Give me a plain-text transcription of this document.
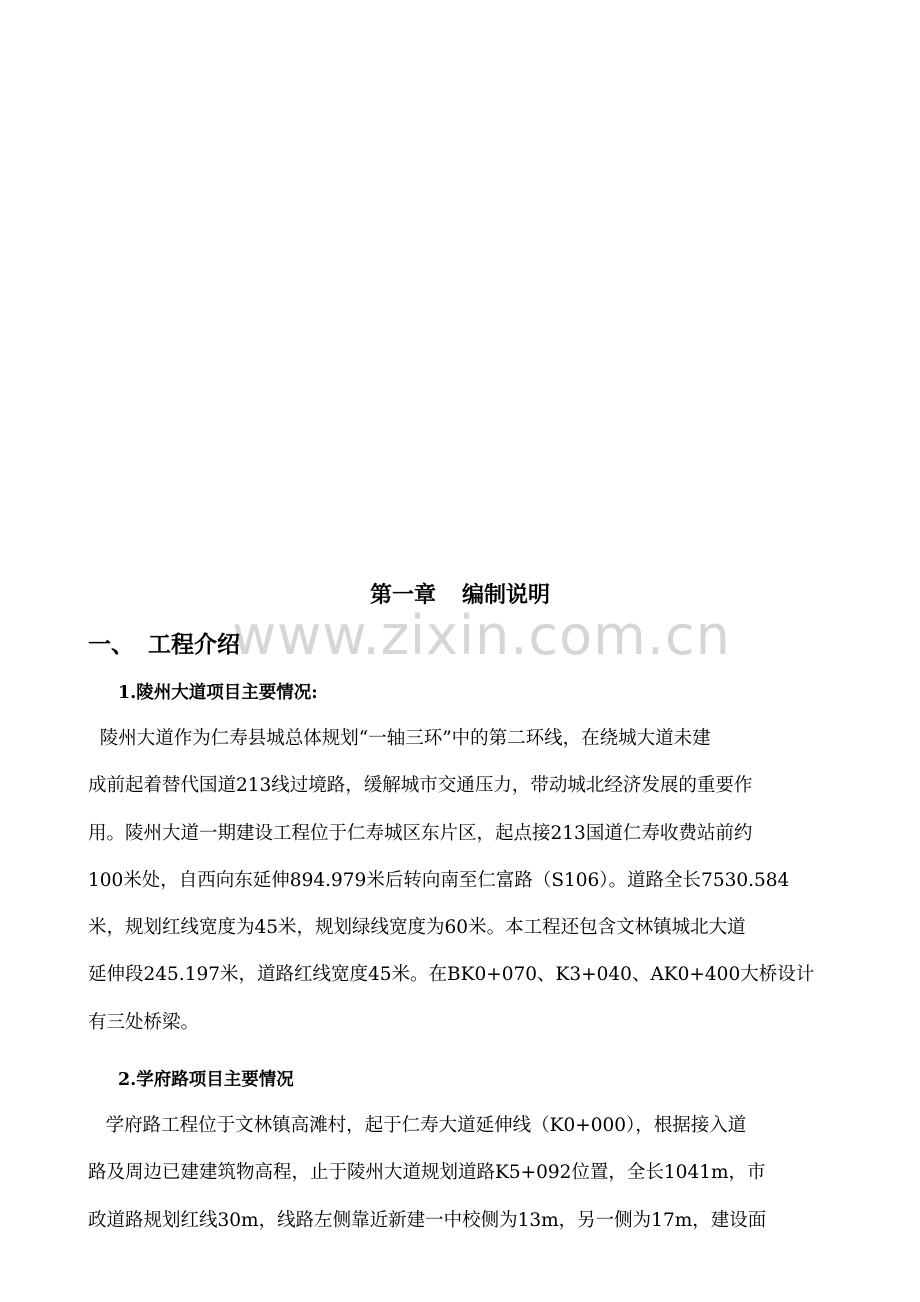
www.zixin.com.cn
第一章 编制说明
一、 工程介绍
1.陵州大道项目主要情况:
陵州大道作为仁寿县城总体规划“一轴三环”中的第二环线，在绕城大道未建
成前起着替代国道213线过境路，缓解城市交通压力，带动城北经济发展的重要作
用。陵州大道一期建设工程位于仁寿城区东片区，起点接213国道仁寿收费站前约
100米处，自西向东延伸894.979米后转向南至仁富路（S106）。道路全长7530.584
米，规划红线宽度为45米，规划绿线宽度为60米。本工程还包含文林镇城北大道
延伸段245.197米，道路红线宽度45米。在BK0+070、K3+040、AK0+400大桥设计
有三处桥梁。
2.学府路项目主要情况
学府路工程位于文林镇高滩村，起于仁寿大道延伸线（K0+000），根据接入道
路及周边已建建筑物高程，止于陵州大道规划道路K5+092位置，全长1041m，市
政道路规划红线30m，线路左侧靠近新建一中校侧为13m，另一侧为17m，建设面
